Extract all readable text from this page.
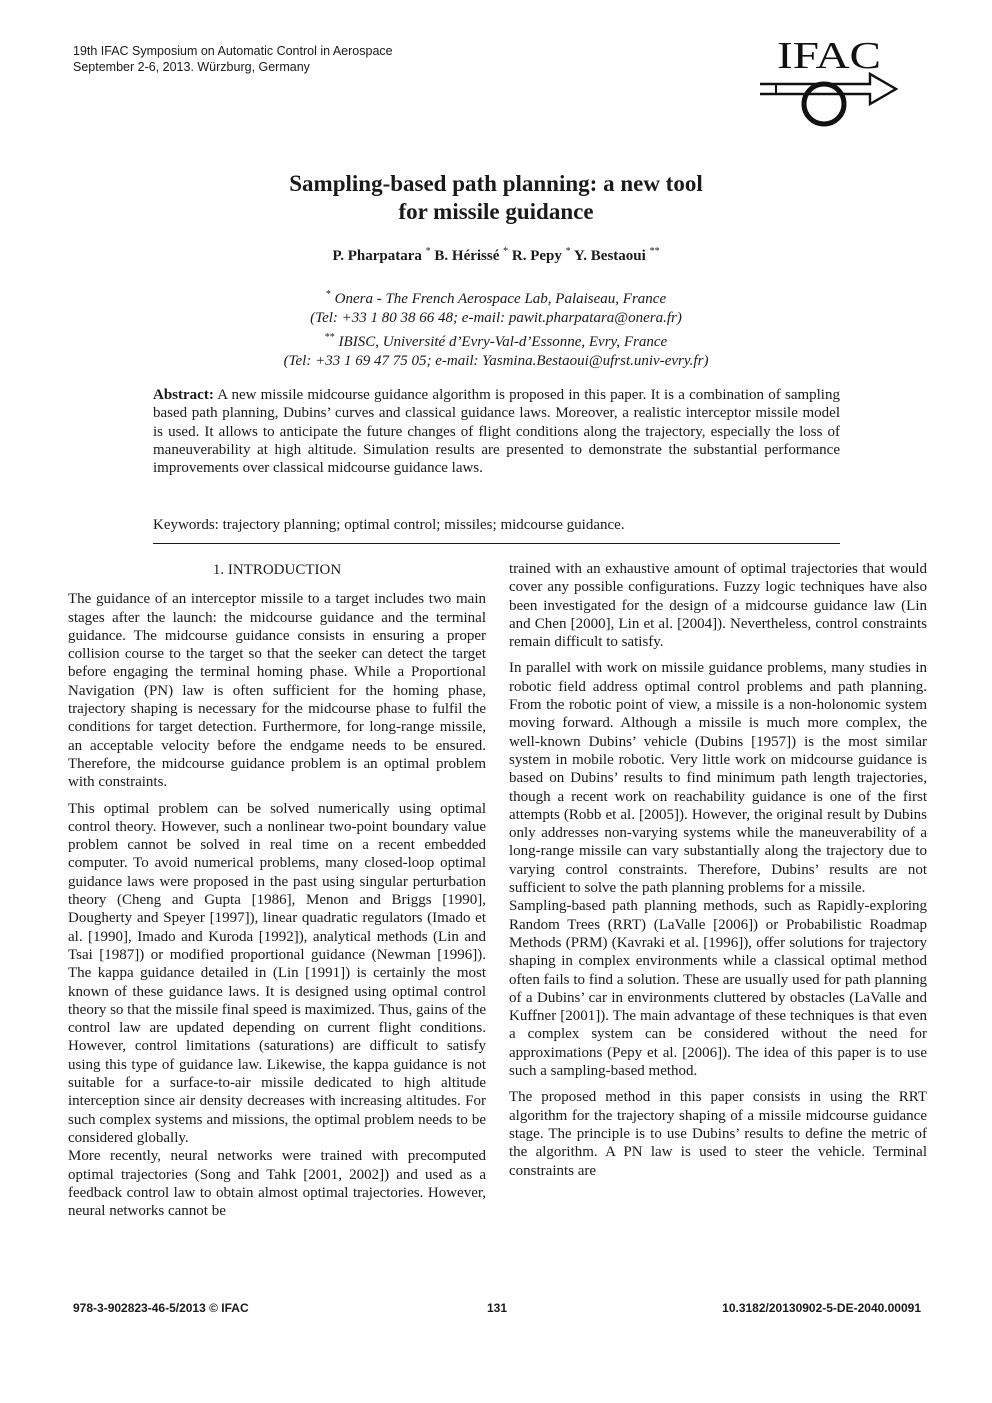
19th IFAC Symposium on Automatic Control in Aerospace
September 2-6, 2013. Würzburg, Germany	IFAC
Sampling-based path planning: a new tool
for missile guidance
P. Pharpatara * B. Hérissé * R. Pepy * Y. Bestaoui **
* Onera - The French Aerospace Lab, Palaiseau, France
(Tel: +33 1 80 38 66 48; e-mail: pawit.pharpatara@onera.fr)
** IBISC, Université d’Evry-Val-d’Essonne, Evry, France
(Tel: +33 1 69 47 75 05; e-mail: Yasmina.Bestaoui@ufrst.univ-evry.fr)
Abstract: A new missile midcourse guidance algorithm is proposed in this paper. It is a combination of sampling based path planning, Dubins’ curves and classical guidance laws. Moreover, a realistic interceptor missile model is used. It allows to anticipate the future changes of flight conditions along the trajectory, especially the loss of maneuverability at high altitude. Simulation results are presented to demonstrate the substantial performance improvements over classical midcourse guidance laws.
Keywords: trajectory planning; optimal control; missiles; midcourse guidance.
1. INTRODUCTION

The guidance of an interceptor missile to a target includes two main stages after the launch: the midcourse guidance and the terminal guidance. The midcourse guidance consists in ensuring a proper collision course to the target so that the seeker can detect the target before engaging the terminal homing phase. While a Proportional Navigation (PN) law is often sufficient for the homing phase, trajectory shaping is necessary for the midcourse phase to fulfil the conditions for target detection. Furthermore, for long-range missile, an acceptable velocity before the endgame needs to be ensured. Therefore, the midcourse guidance problem is an optimal problem with constraints.

This optimal problem can be solved numerically using optimal control theory. However, such a nonlinear two-point boundary value problem cannot be solved in real time on a recent embedded computer. To avoid numerical problems, many closed-loop optimal guidance laws were proposed in the past using singular perturbation theory (Cheng and Gupta [1986], Menon and Briggs [1990], Dougherty and Speyer [1997]), linear quadratic regulators (Imado et al. [1990], Imado and Kuroda [1992]), analytical methods (Lin and Tsai [1987]) or modified proportional guidance (Newman [1996]). The kappa guidance detailed in (Lin [1991]) is certainly the most known of these guidance laws. It is designed using optimal control theory so that the missile final speed is maximized. Thus, gains of the control law are updated depending on current flight conditions. However, control limitations (saturations) are difficult to satisfy using this type of guidance law. Likewise, the kappa guidance is not suitable for a surface-to-air missile dedicated to high altitude interception since air density decreases with increasing altitudes. For such complex systems and missions, the optimal problem needs to be considered globally.

More recently, neural networks were trained with precomputed optimal trajectories (Song and Tahk [2001, 2002]) and used as a feedback control law to obtain almost optimal trajectories. However, neural networks cannot be

trained with an exhaustive amount of optimal trajectories that would cover any possible configurations. Fuzzy logic techniques have also been investigated for the design of a midcourse guidance law (Lin and Chen [2000], Lin et al. [2004]). Nevertheless, control constraints remain difficult to satisfy.

In parallel with work on missile guidance problems, many studies in robotic field address optimal control problems and path planning. From the robotic point of view, a missile is a non-holonomic system moving forward. Although a missile is much more complex, the well-known Dubins’ vehicle (Dubins [1957]) is the most similar system in mobile robotic. Very little work on midcourse guidance is based on Dubins’ results to find minimum path length trajectories, though a recent work on reachability guidance is one of the first attempts (Robb et al. [2005]). However, the original result by Dubins only addresses non-varying systems while the maneuverability of a long-range missile can vary substantially along the trajectory due to varying control constraints. Therefore, Dubins’ results are not sufficient to solve the path planning problems for a missile.

Sampling-based path planning methods, such as Rapidly-exploring Random Trees (RRT) (LaValle [2006]) or Probabilistic Roadmap Methods (PRM) (Kavraki et al. [1996]), offer solutions for trajectory shaping in complex environments while a classical optimal method often fails to find a solution. These are usually used for path planning of a Dubins’ car in environments cluttered by obstacles (LaValle and Kuffner [2001]). The main advantage of these techniques is that even a complex system can be considered without the need for approximations (Pepy et al. [2006]). The idea of this paper is to use such a sampling-based method.

The proposed method in this paper consists in using the RRT algorithm for the trajectory shaping of a missile midcourse guidance stage. The principle is to use Dubins’ results to define the metric of the algorithm. A PN law is used to steer the vehicle. Terminal constraints are

131
978-3-902823-46-5/2013 © IFAC	10.3182/20130902-5-DE-2040.00091
